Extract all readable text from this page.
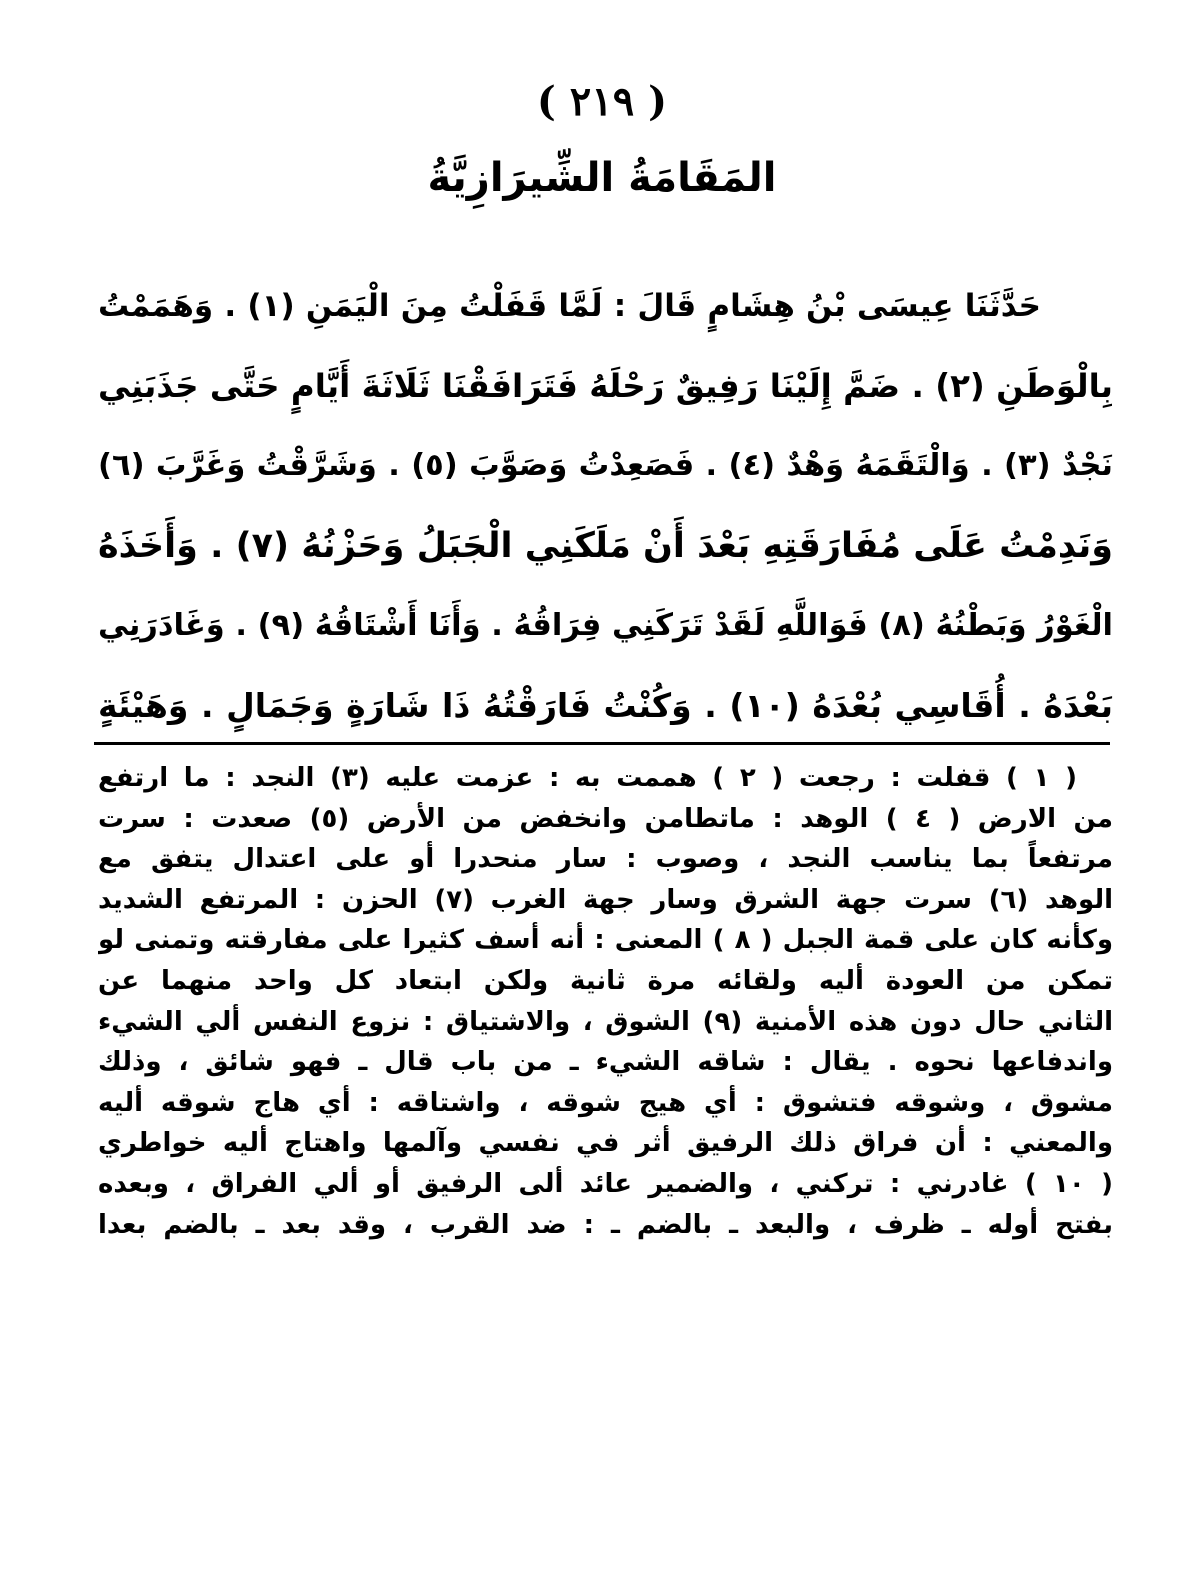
( ٢١٩ )
المَقَامَةُ الشِّيرَازِيَّةُ
حَدَّثَنَا عِيسَى بْنُ هِشَامٍ قَالَ : لَمَّا قَفَلْتُ مِنَ الْيَمَنِ (١) . وَهَمَمْتُ
بِالْوَطَنِ (٢) . ضَمَّ إِلَيْنَا رَفِيقٌ رَحْلَهُ فَتَرَافَقْنَا ثَلَاثَةَ أَيَّامٍ حَتَّى جَذَبَنِي
نَجْدٌ (٣) . وَالْتَقَمَهُ وَهْدٌ (٤) . فَصَعِدْتُ وَصَوَّبَ (٥) . وَشَرَّقْتُ وَغَرَّبَ (٦)
وَنَدِمْتُ عَلَى مُفَارَقَتِهِ بَعْدَ أَنْ مَلَكَنِي الْجَبَلُ وَحَزْنُهُ (٧) . وَأَخَذَهُ
الْغَوْرُ وَبَطْنُهُ (٨) فَوَاللَّهِ لَقَدْ تَرَكَنِي فِرَاقُهُ . وَأَنَا أَشْتَاقُهُ (٩) . وَغَادَرَنِي
بَعْدَهُ . أُقَاسِي بُعْدَهُ (١٠) . وَكُنْتُ فَارَقْتُهُ ذَا شَارَةٍ وَجَمَالٍ . وَهَيْئَةٍ
( ١ ) قفلت : رجعت ( ٢ ) هممت به : عزمت عليه (٣) النجد : ما ارتفع
من الارض ( ٤ ) الوهد : ماتطامن وانخفض من الأرض (٥) صعدت : سرت
مرتفعاً بما يناسب النجد ، وصوب : سار منحدرا أو على اعتدال يتفق مع
الوهد (٦) سرت جهة الشرق وسار جهة الغرب (٧) الحزن : المرتفع الشديد
وكأنه كان على قمة الجبل ( ٨ ) المعنى : أنه أسف كثيرا على مفارقته وتمنى لو
تمكن من العودة أليه ولقائه مرة ثانية ولكن ابتعاد كل واحد منهما عن
الثاني حال دون هذه الأمنية (٩) الشوق ، والاشتياق : نزوع النفس ألي الشيء
واندفاعها نحوه . يقال : شاقه الشيء ـ من باب قال ـ فهو شائق ، وذلك
مشوق ، وشوقه فتشوق : أي هيج شوقه ، واشتاقه : أي هاج شوقه أليه
والمعني : أن فراق ذلك الرفيق أثر في نفسي وآلمها واهتاج أليه خواطري
( ١٠ ) غادرني : تركني ، والضمير عائد ألى الرفيق أو ألي الفراق ، وبعده
بفتح أوله ـ ظرف ، والبعد ـ بالضم ـ : ضد القرب ، وقد بعد ـ بالضم بعدا
